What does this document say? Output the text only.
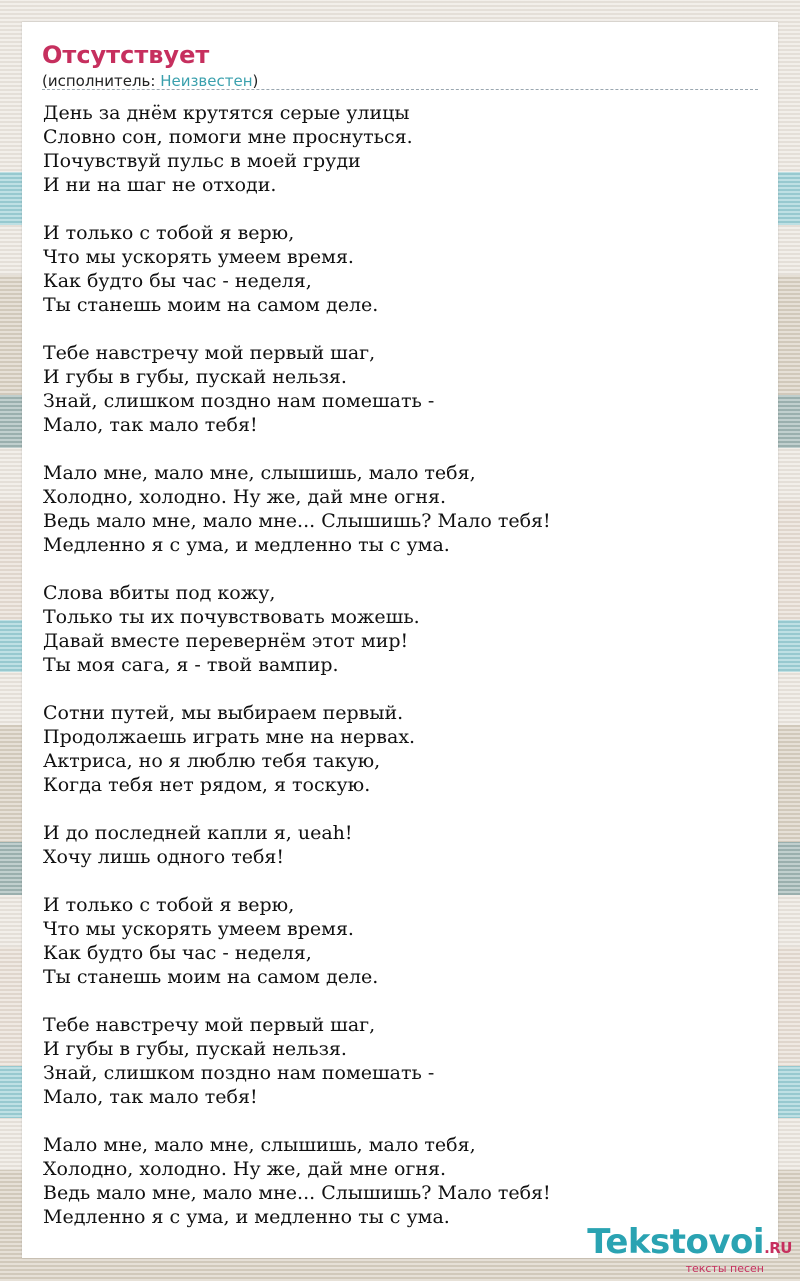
Отсутствует
(исполнитель: Неизвестен)
День за днём крутятся серые улицы
Словно сон, помоги мне проснуться.
Почувствуй пульс в моей груди
И ни на шаг не отходи.
И только с тобой я верю,
Что мы ускорять умеем время.
Как будто бы час - неделя,
Ты станешь моим на самом деле.
Тебе навстречу мой первый шаг,
И губы в губы, пускай нельзя.
Знай, слишком поздно нам помешать -
Мало, так мало тебя!
Мало мне, мало мне, слышишь, мало тебя,
Холодно, холодно. Ну же, дай мне огня.
Ведь мало мне, мало мне... Слышишь? Мало тебя!
Медленно я с ума, и медленно ты с ума.
Слова вбиты под кожу,
Только ты их почувствовать можешь.
Давай вместе перевернём этот мир!
Ты моя сага, я - твой вампир.
Сотни путей, мы выбираем первый.
Продолжаешь играть мне на нервах.
Актриса, но я люблю тебя такую,
Когда тебя нет рядом, я тоскую.
И до последней капли я, ueah!
Хочу лишь одного тебя!
И только с тобой я верю,
Что мы ускорять умеем время.
Как будто бы час - неделя,
Ты станешь моим на самом деле.
Тебе навстречу мой первый шаг,
И губы в губы, пускай нельзя.
Знай, слишком поздно нам помешать -
Мало, так мало тебя!
Мало мне, мало мне, слышишь, мало тебя,
Холодно, холодно. Ну же, дай мне огня.
Ведь мало мне, мало мне... Слышишь? Мало тебя!
Медленно я с ума, и медленно ты с ума.
Tekstovoi.RU
тексты песен
